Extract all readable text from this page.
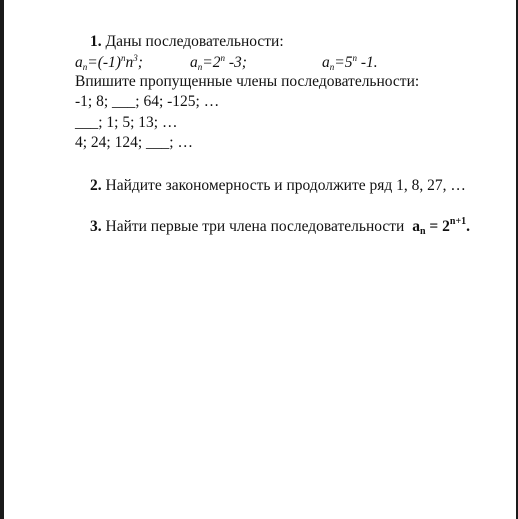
1. Даны последовательности:
$a_n=(-1)^nn^3$;	$a_n=2^n$ -3;	$a_n=5^n$ -1.
Впишите пропущенные члены последовательности:
-1; 8; ___; 64; -125; …
___; 1; 5; 13; …
4; 24; 124; ___; …
2. Найдите закономерность и продолжите ряд 1, 8, 27, …
3. Найти первые три члена последовательности $a_n = 2^{n+1}$.
